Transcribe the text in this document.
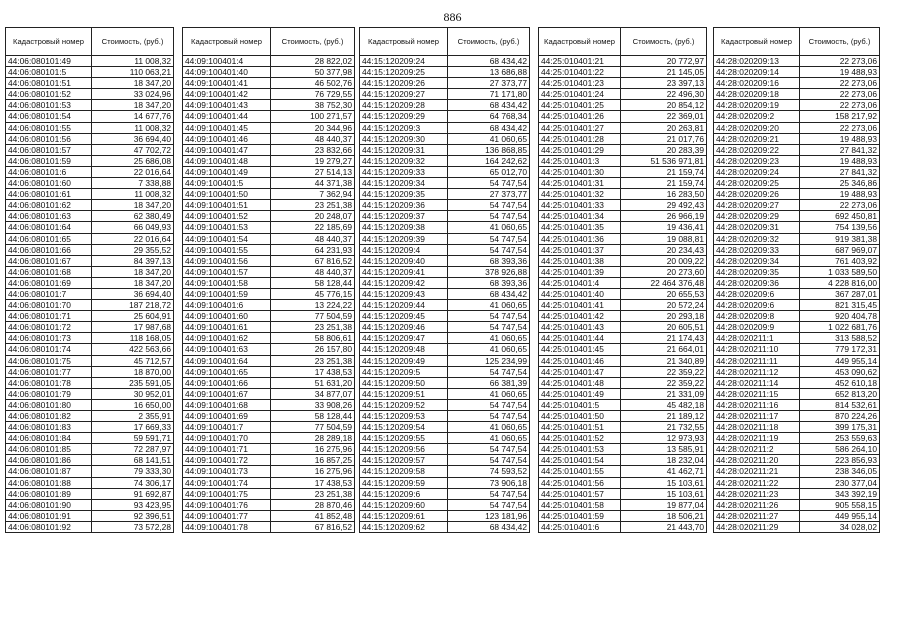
886
Кадастровый номер	Стоимость, (руб.)
44:06:080101:49	11 008,32
44:06:080101:5	110 063,21
44:06:080101:51	18 347,20
44:06:080101:52	33 024,96
44:06:080101:53	18 347,20
44:06:080101:54	14 677,76
44:06:080101:55	11 008,32
44:06:080101:56	36 694,40
44:06:080101:57	47 702,72
44:06:080101:59	25 686,08
44:06:080101:6	22 016,64
44:06:080101:60	7 338,88
44:06:080101:61	11 008,32
44:06:080101:62	18 347,20
44:06:080101:63	62 380,49
44:06:080101:64	66 049,93
44:06:080101:65	22 016,64
44:06:080101:66	29 355,52
44:06:080101:67	84 397,13
44:06:080101:68	18 347,20
44:06:080101:69	18 347,20
44:06:080101:7	36 694,40
44:06:080101:70	187 218,72
44:06:080101:71	25 604,91
44:06:080101:72	17 987,68
44:06:080101:73	118 168,05
44:06:080101:74	422 563,66
44:06:080101:75	45 712,57
44:06:080101:77	18 870,00
44:06:080101:78	235 591,05
44:06:080101:79	30 952,01
44:06:080101:80	16 650,00
44:06:080101:82	2 355,91
44:06:080101:83	17 669,33
44:06:080101:84	59 591,71
44:06:080101:85	72 287,97
44:06:080101:86	68 141,51
44:06:080101:87	79 333,30
44:06:080101:88	74 306,17
44:06:080101:89	91 692,87
44:06:080101:90	93 423,95
44:06:080101:91	92 396,51
44:06:080101:92	73 572,28
Кадастровый номер	Стоимость, (руб.)
44:09:100401:4	28 822,02
44:09:100401:40	50 377,98
44:09:100401:41	46 502,76
44:09:100401:42	76 729,55
44:09:100401:43	38 752,30
44:09:100401:44	100 271,57
44:09:100401:45	20 344,96
44:09:100401:46	48 440,37
44:09:100401:47	23 832,66
44:09:100401:48	19 279,27
44:09:100401:49	27 514,13
44:09:100401:5	44 371,38
44:09:100401:50	7 362,94
44:09:100401:51	23 251,38
44:09:100401:52	20 248,07
44:09:100401:53	22 185,69
44:09:100401:54	48 440,37
44:09:100401:55	64 231,93
44:09:100401:56	67 816,52
44:09:100401:57	48 440,37
44:09:100401:58	58 128,44
44:09:100401:59	45 776,15
44:09:100401:6	13 224,22
44:09:100401:60	77 504,59
44:09:100401:61	23 251,38
44:09:100401:62	58 806,61
44:09:100401:63	26 157,80
44:09:100401:64	23 251,38
44:09:100401:65	17 438,53
44:09:100401:66	51 631,20
44:09:100401:67	34 877,07
44:09:100401:68	33 908,26
44:09:100401:69	58 128,44
44:09:100401:7	77 504,59
44:09:100401:70	28 289,18
44:09:100401:71	16 275,96
44:09:100401:72	16 857,25
44:09:100401:73	16 275,96
44:09:100401:74	17 438,53
44:09:100401:75	23 251,38
44:09:100401:76	28 870,46
44:09:100401:77	41 852,48
44:09:100401:78	67 816,52
Кадастровый номер	Стоимость, (руб.)
44:15:120209:24	68 434,42
44:15:120209:25	13 686,88
44:15:120209:26	27 373,77
44:15:120209:27	71 171,80
44:15:120209:28	68 434,42
44:15:120209:29	64 768,34
44:15:120209:3	68 434,42
44:15:120209:30	41 060,65
44:15:120209:31	136 868,85
44:15:120209:32	164 242,62
44:15:120209:33	65 012,70
44:15:120209:34	54 747,54
44:15:120209:35	27 373,77
44:15:120209:36	54 747,54
44:15:120209:37	54 747,54
44:15:120209:38	41 060,65
44:15:120209:39	54 747,54
44:15:120209:4	54 747,54
44:15:120209:40	68 393,36
44:15:120209:41	378 926,88
44:15:120209:42	68 393,36
44:15:120209:43	68 434,42
44:15:120209:44	41 060,65
44:15:120209:45	54 747,54
44:15:120209:46	54 747,54
44:15:120209:47	41 060,65
44:15:120209:48	41 060,65
44:15:120209:49	125 234,99
44:15:120209:5	54 747,54
44:15:120209:50	66 381,39
44:15:120209:51	41 060,65
44:15:120209:52	54 747,54
44:15:120209:53	54 747,54
44:15:120209:54	41 060,65
44:15:120209:55	41 060,65
44:15:120209:56	54 747,54
44:15:120209:57	54 747,54
44:15:120209:58	74 593,52
44:15:120209:59	73 906,18
44:15:120209:6	54 747,54
44:15:120209:60	54 747,54
44:15:120209:61	123 181,96
44:15:120209:62	68 434,42
Кадастровый номер	Стоимость, (руб.)
44:25:010401:21	20 772,97
44:25:010401:22	21 145,05
44:25:010401:23	23 397,13
44:25:010401:24	22 496,30
44:25:010401:25	20 854,12
44:25:010401:26	22 369,01
44:25:010401:27	20 263,81
44:25:010401:28	21 017,76
44:25:010401:29	20 283,39
44:25:010401:3	51 536 971,81
44:25:010401:30	21 159,74
44:25:010401:31	21 159,74
44:25:010401:32	16 283,50
44:25:010401:33	29 492,43
44:25:010401:34	26 966,19
44:25:010401:35	19 436,41
44:25:010401:36	19 088,81
44:25:010401:37	20 234,43
44:25:010401:38	20 009,22
44:25:010401:39	20 273,60
44:25:010401:4	22 464 376,48
44:25:010401:40	20 655,53
44:25:010401:41	20 572,24
44:25:010401:42	20 293,18
44:25:010401:43	20 605,51
44:25:010401:44	21 174,43
44:25:010401:45	21 664,01
44:25:010401:46	21 340,89
44:25:010401:47	22 359,22
44:25:010401:48	22 359,22
44:25:010401:49	21 331,09
44:25:010401:5	45 482,18
44:25:010401:50	21 189,12
44:25:010401:51	21 732,55
44:25:010401:52	12 973,93
44:25:010401:53	13 585,91
44:25:010401:54	18 232,04
44:25:010401:55	41 462,71
44:25:010401:56	15 103,61
44:25:010401:57	15 103,61
44:25:010401:58	19 877,04
44:25:010401:59	18 506,21
44:25:010401:6	21 443,70
Кадастровый номер	Стоимость, (руб.)
44:28:020209:13	22 273,06
44:28:020209:14	19 488,93
44:28:020209:16	22 273,06
44:28:020209:18	22 273,06
44:28:020209:19	22 273,06
44:28:020209:2	158 217,92
44:28:020209:20	22 273,06
44:28:020209:21	19 488,93
44:28:020209:22	27 841,32
44:28:020209:23	19 488,93
44:28:020209:24	27 841,32
44:28:020209:25	25 346,86
44:28:020209:26	19 488,93
44:28:020209:27	22 273,06
44:28:020209:29	692 450,81
44:28:020209:31	754 139,56
44:28:020209:32	919 381,38
44:28:020209:33	687 969,07
44:28:020209:34	761 403,92
44:28:020209:35	1 033 589,50
44:28:020209:36	4 228 816,00
44:28:020209:6	367 287,01
44:28:020209:6	821 315,45
44:28:020209:8	920 404,78
44:28:020209:9	1 022 681,76
44:28:020211:1	313 588,52
44:28:020211:10	779 172,31
44:28:020211:11	449 955,14
44:28:020211:12	453 090,62
44:28:020211:14	452 610,18
44:28:020211:15	652 813,20
44:28:020211:16	814 532,61
44:28:020211:17	870 224,26
44:28:020211:18	399 175,31
44:28:020211:19	253 559,63
44:28:020211:2	586 264,10
44:28:020211:20	223 856,93
44:28:020211:21	238 346,05
44:28:020211:22	230 377,04
44:28:020211:23	343 392,19
44:28:020211:26	905 558,15
44:28:020211:27	449 955,14
44:28:020211:29	34 028,02
